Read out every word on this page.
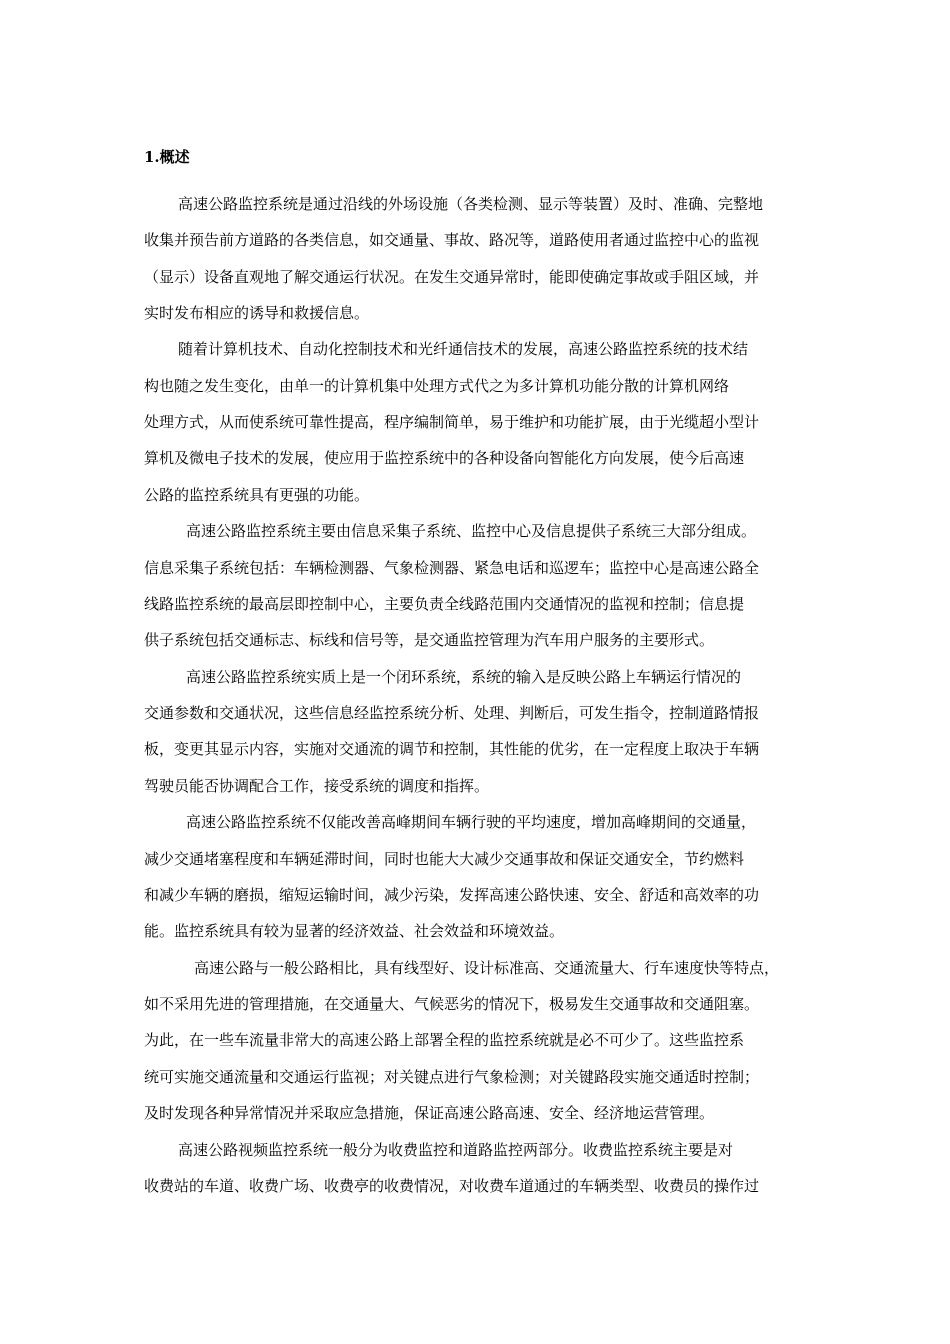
1.概述

高速公路监控系统是通过沿线的外场设施（各类检测、显示等装置）及时、准确、完整地

收集并预告前方道路的各类信息，如交通量、事故、路况等，道路使用者通过监控中心的监视

（显示）设备直观地了解交通运行状况。在发生交通异常时，能即使确定事故或手阻区域，并

实时发布相应的诱导和救援信息。

随着计算机技术、自动化控制技术和光纤通信技术的发展，高速公路监控系统的技术结

构也随之发生变化，由单一的计算机集中处理方式代之为多计算机功能分散的计算机网络

处理方式，从而使系统可靠性提高，程序编制简单，易于维护和功能扩展，由于光缆超小型计

算机及微电子技术的发展，使应用于监控系统中的各种设备向智能化方向发展，使今后高速

公路的监控系统具有更强的功能。

高速公路监控系统主要由信息采集子系统、监控中心及信息提供子系统三大部分组成。

信息采集子系统包括：车辆检测器、气象检测器、紧急电话和巡逻车；监控中心是高速公路全

线路监控系统的最高层即控制中心，主要负责全线路范围内交通情况的监视和控制；信息提

供子系统包括交通标志、标线和信号等，是交通监控管理为汽车用户服务的主要形式。

高速公路监控系统实质上是一个闭环系统，系统的输入是反映公路上车辆运行情况的

交通参数和交通状况，这些信息经监控系统分析、处理、判断后，可发生指令，控制道路情报

板，变更其显示内容，实施对交通流的调节和控制，其性能的优劣，在一定程度上取决于车辆

驾驶员能否协调配合工作，接受系统的调度和指挥。

高速公路监控系统不仅能改善高峰期间车辆行驶的平均速度，增加高峰期间的交通量，

减少交通堵塞程度和车辆延滞时间，同时也能大大减少交通事故和保证交通安全，节约燃料

和减少车辆的磨损，缩短运输时间，减少污染，发挥高速公路快速、安全、舒适和高效率的功

能。监控系统具有较为显著的经济效益、社会效益和环境效益。

高速公路与一般公路相比，具有线型好、设计标准高、交通流量大、行车速度快等特点，

如不采用先进的管理措施，在交通量大、气候恶劣的情况下，极易发生交通事故和交通阻塞。

为此，在一些车流量非常大的高速公路上部署全程的监控系统就是必不可少了。这些监控系

统可实施交通流量和交通运行监视；对关键点进行气象检测；对关键路段实施交通适时控制；

及时发现各种异常情况并采取应急措施，保证高速公路高速、安全、经济地运营管理。

高速公路视频监控系统一般分为收费监控和道路监控两部分。收费监控系统主要是对

收费站的车道、收费广场、收费亭的收费情况，对收费车道通过的车辆类型、收费员的操作过
